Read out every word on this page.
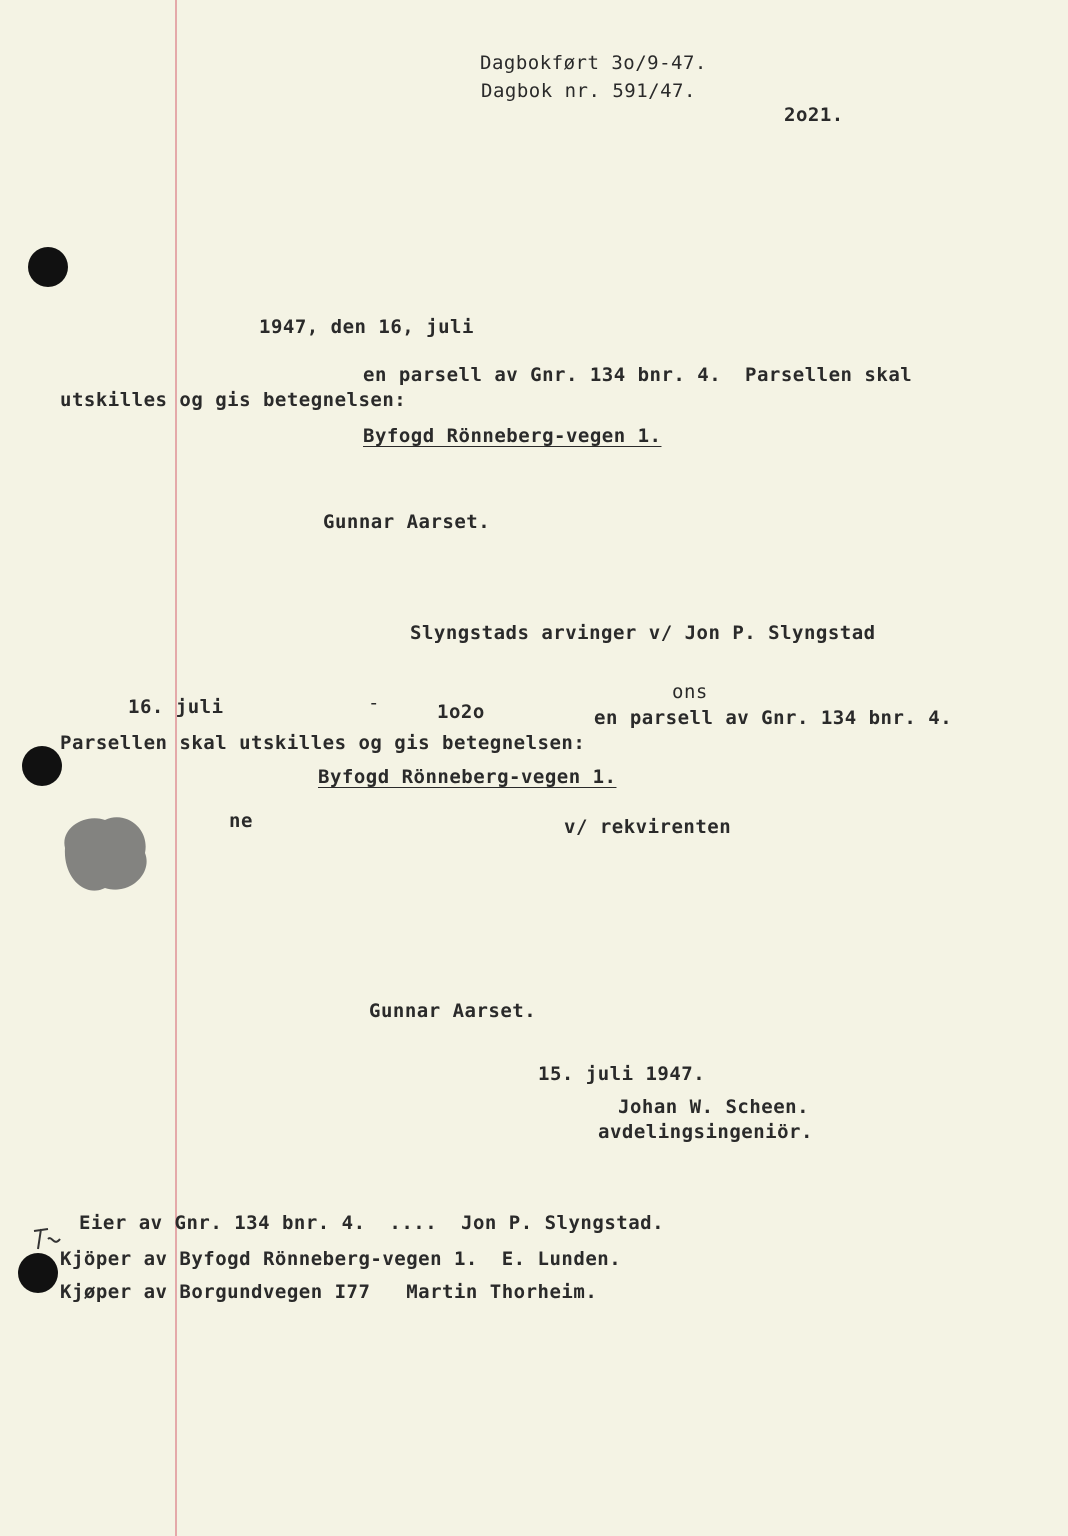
Dagbokført 3o/9-47.
Dagbok nr. 591/47.
2o21.
1947, den 16, juli
en parsell av Gnr. 134 bnr. 4.  Parsellen skal
utskilles og gis betegnelsen:
Byfogd Rönneberg-vegen 1.
Gunnar Aarset.
Slyngstads arvinger v/ Jon P. Slyngstad
ons
16. juli	-	1o2o	en parsell av Gnr. 134 bnr. 4.
Parsellen skal utskilles og gis betegnelsen:
Byfogd Rönneberg-vegen 1.
ne	v/ rekvirenten
Gunnar Aarset.
15. juli 1947.
Johan W. Scheen.
avdelingsingeniör.
Eier av Gnr. 134 bnr. 4.  ....  Jon P. Slyngstad.
Kjöper av Byfogd Rönneberg-vegen 1.  E. Lunden.
Kjøper av Borgundvegen I77   Martin Thorheim.
